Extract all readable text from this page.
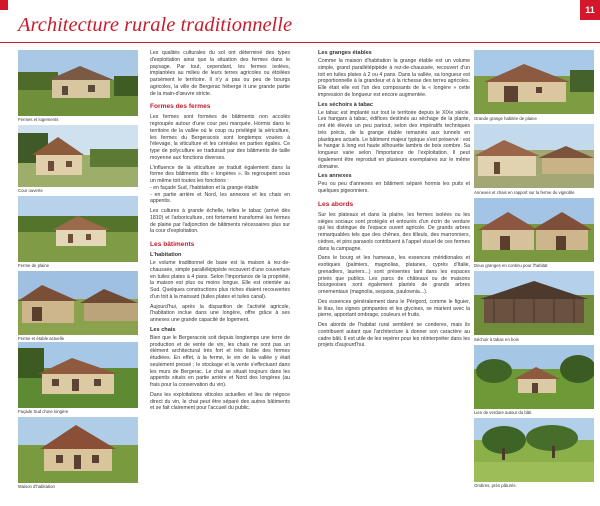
11
Architecture rurale traditionnelle
Fermes et logements
Cour ouverte
Ferme de plaine
Ferme et étable actuelle
Façade Sud d'une longère
Maison d'habitation

Les qualités culturales du sol ont déterminé des types d'exploitation ainsi que la situation des fermes dans le paysage. Par tout, cependant, les fermes isolées, implantées au milieu de leurs terres agricoles ou étoilées parsèment le territoire. Il n'y a pas ou peu de bourgs agricoles, la ville de Bergerac héberge it une grande partie de la main-d'œuvre stricte.

Formes des fermes

Les fermes sont formées de bâtiments non accolés regroupés autour d'une cour peu marquée. Hormis dans le territoire de la vallée où le coup ou privilégié la sériculture, les fermes du Bergeracois sont longtemps vouées à l'élevage, la viticulture et les céréales en parties égales. Ce type de polyculture se traduisait par des bâtiments de taille moyenne aux fonctions diverses.

L'influence de la viticulture se traduit également dans la forme des bâtiments dits « longères ». Ils regroupent sous un même toit toutes les fonctions :

- en façade Sud, l'habitation et la grange étable

- en partie arrière et Nord, les annexes et les chais en appentis.

Les cultures à grande échelle, telles le tabac (arrivé dès 1810) et l'arboriculture, ont fortement transformé les fermes de plaine par l'adjonction de bâtiments nécessaires plus sur la cour d'exploitation.

Les bâtiments
L'habitation

Le volume traditionnel de base est la maison à rez-de-chaussée, simple parallélépipède recouvert d'une couverture en tuiles plates à 4 pans. Selon l'importance de la propriété, la maison est plus ou moins longue. Elle est orientée au Sud. Quelques constructions plus riches étaient recouvertes d'un toit à la mansard (tuiles plates et tuiles canal).

Aujourd'hui, après la disparition de l'activité agricole, l'habitation inclue dans une longère, offre grâce à ses annexes une grande capacité de logement.

Les chais

Bien que le Bergeracois soit depuis longtemps une terre de production et de vente de vin, les chais ne sont pas un élément architectural très fort et très lisible des fermes étudiées. En effet, à la ferme, le vin de la vallée y était seulement pressé ; le stockage et la vente s'effectuant dans les murs de Bergerac. Le chai se situait toujours dans les appentis situés en partie arrière et Nord des longères (au frais pour la conservation du vin).

Dans les exploitations viticoles actuelles et lieu de négoce direct du vin, le chai peut être séparé des autres bâtiments et se fait clairement pour l'accueil du public.

Les granges étables

Comme la maison d'habitation la grange étable est un volume simple, grand parallélépipède à rez-de-chaussée, recouvert d'un toit en tuiles plates à 2 ou 4 pans. Dans la vallée, sa longueur est proportionnelle à la grandeur et à la richesse des terres agricoles. Elle était elle est l'un des composants de la « longère » cette impression de longueur est encore augmentée.

Les séchoirs à tabac

Le tabac est implanté sur tout le territoire depuis le XIXe siècle. Les hangars à tabac, édifices destinés au séchage de la plante, ont été élevés un peu partout, selon des impératifs techniques très précis, de la grange étable remaniés aux tunnels en plastiques actuels. Le bâtiment majeur typique s'est préservé : est le hangar à long est haute silhouette lambris de bois sombre. Sa longueur varie selon l'importance de l'exploitation. Il peut également être reproduit en plusieurs exemplaires sur le même domaine.

Les annexes

Peu ou peu d'annexes en bâtiment séparé hormis les puits et quelques pigeonniers.

Les abords

Sur les plateaux et dans la plaine, les fermes isolées ou les sièges sociaux sont protégés et entourés d'un écrin de verdure qui les distingue de l'espace ouvert agricole. De grands arbres remarquables tels que des chênes, des tilleuls, des marronniers, cèdres, et pins parasols contribuent à l'appel visuel de ces fermes dans la campagne.

Dans le bourg et les hameaux, les essences méridionales et exotiques (palmiers, magnolias, platanes, cyprès d'Italie, grenadiers, lauriers...) sont présentes tant dans les espaces privés que publics. Les parcs de châteaux ou de maisons bourgeoises sont également plantés de grands arbres ornementaux (magnolia, sequoia, paulownia...).

Des essences généralement dans le Périgord, comme le figuier, le lilas, les vignes grimpantes et les glycines, se marient avec la pierre, apportant ombrage, couleurs et fruits.

Des abords de l'habitat rural semblent se conderes, mais ils contribuent autant que l'architecture à donner son caractère au cadre bâti. Il est utile de les repérer pour les réinterpréter dans les projets d'aujourd'hui.

Grande grange habitée de plaine
Annexes et chais en rapport sur la ferme du vignoble
Deux granges en continu pour l'habitat
Séchoir à tabac en bois
Lien de verdure autour du bâti
Ombres, près pâturés.
